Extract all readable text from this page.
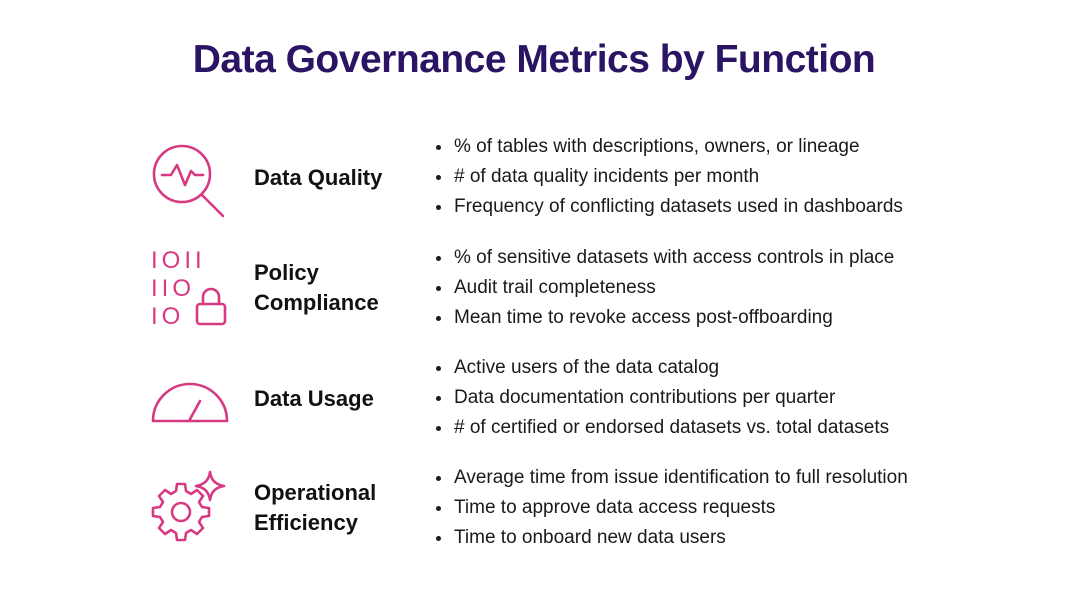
Data Governance Metrics by Function
Data Quality
% of tables with descriptions, owners, or lineage
# of data quality incidents per month
Frequency of conflicting datasets used in dashboards
IOII
IIO
IO
Policy Compliance
% of sensitive datasets with access controls in place
Audit trail completeness
Mean time to revoke access post-offboarding
Data Usage
Active users of the data catalog
Data documentation contributions per quarter
# of certified or endorsed datasets vs. total datasets
Operational Efficiency
Average time from issue identification to full resolution
Time to approve data access requests
Time to onboard new data users
